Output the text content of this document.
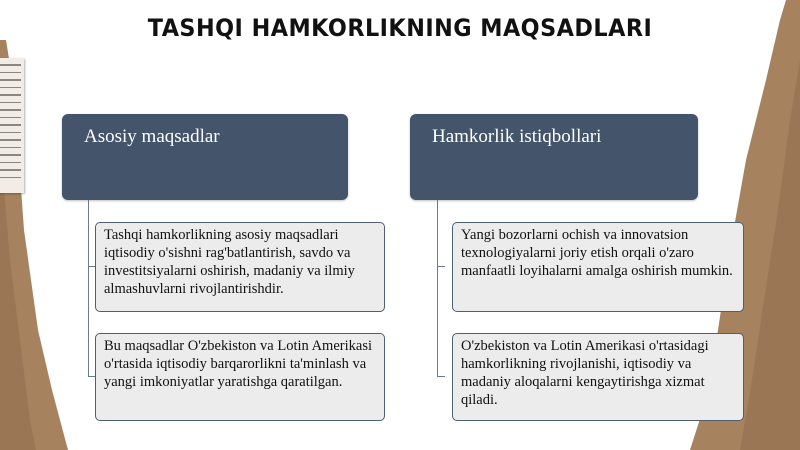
TASHQI HAMKORLIKNING MAQSADLARI
Asosiy maqsadlar
Tashqi hamkorlikning asosiy maqsadlari iqtisodiy o'sishni rag'batlantirish, savdo va investitsiyalarni oshirish, madaniy va ilmiy almashuvlarni rivojlantirishdir.
Bu maqsadlar O'zbekiston va Lotin Amerikasi o'rtasida iqtisodiy barqarorlikni ta'minlash va yangi imkoniyatlar yaratishga qaratilgan.
Hamkorlik istiqbollari
Yangi bozorlarni ochish va innovatsion texnologiyalarni joriy etish orqali o'zaro manfaatli loyihalarni amalga oshirish mumkin.
O'zbekiston va Lotin Amerikasi o'rtasidagi hamkorlikning rivojlanishi, iqtisodiy va madaniy aloqalarni kengaytirishga xizmat qiladi.
